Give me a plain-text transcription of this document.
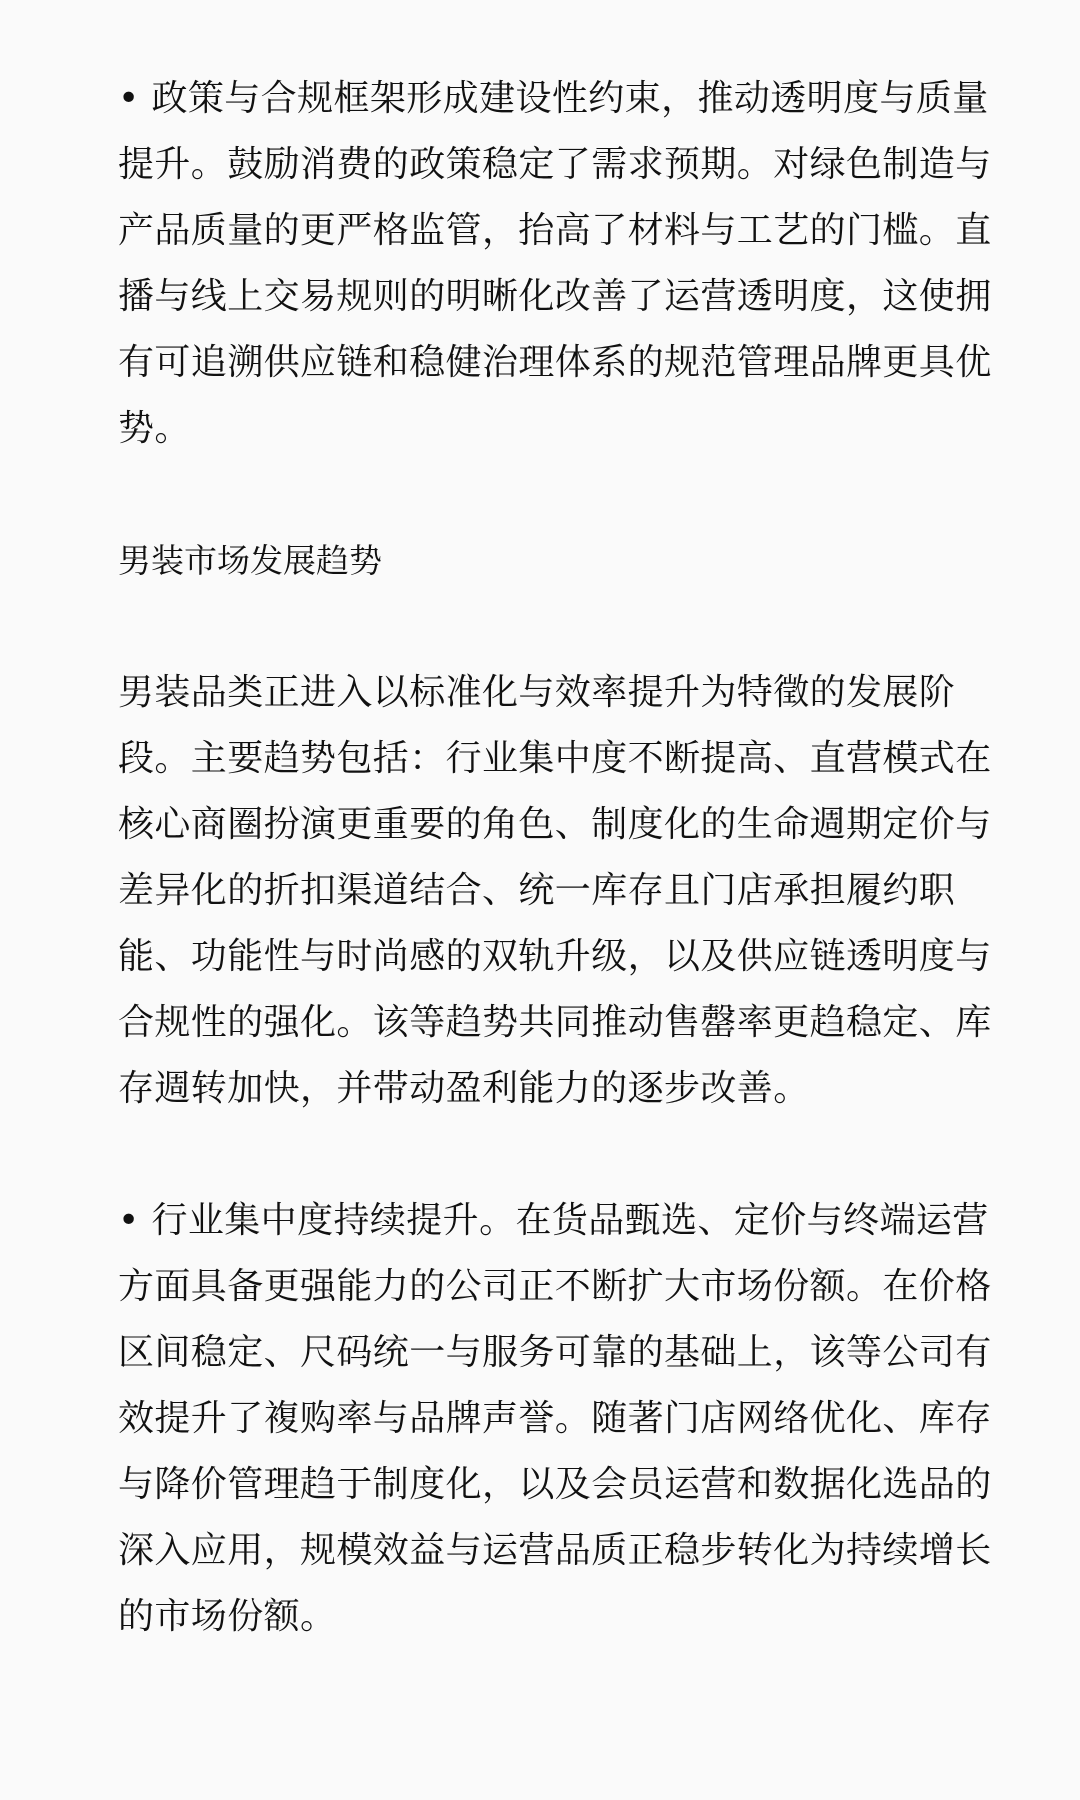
• 政策与合规框架形成建设性约束，推动透明度与质量提升。鼓励消费的政策稳定了需求预期。对绿色制造与产品质量的更严格监管，抬高了材料与工艺的门槛。直播与线上交易规则的明晰化改善了运营透明度，这使拥有可追溯供应链和稳健治理体系的规范管理品牌更具优势。

男装市场发展趋势

男装品类正进入以标准化与效率提升为特徵的发展阶段。主要趋势包括：行业集中度不断提高、直营模式在核心商圈扮演更重要的角色、制度化的生命週期定价与差异化的折扣渠道结合、统一库存且门店承担履约职能、功能性与时尚感的双轨升级，以及供应链透明度与合规性的强化。该等趋势共同推动售罄率更趋稳定、库存週转加快，并带动盈利能力的逐步改善。

• 行业集中度持续提升。在货品甄选、定价与终端运营方面具备更强能力的公司正不断扩大市场份额。在价格区间稳定、尺码统一与服务可靠的基础上，该等公司有效提升了複购率与品牌声誉。随著门店网络优化、库存与降价管理趋于制度化，以及会员运营和数据化选品的深入应用，规模效益与运营品质正稳步转化为持续增长的市场份额。
